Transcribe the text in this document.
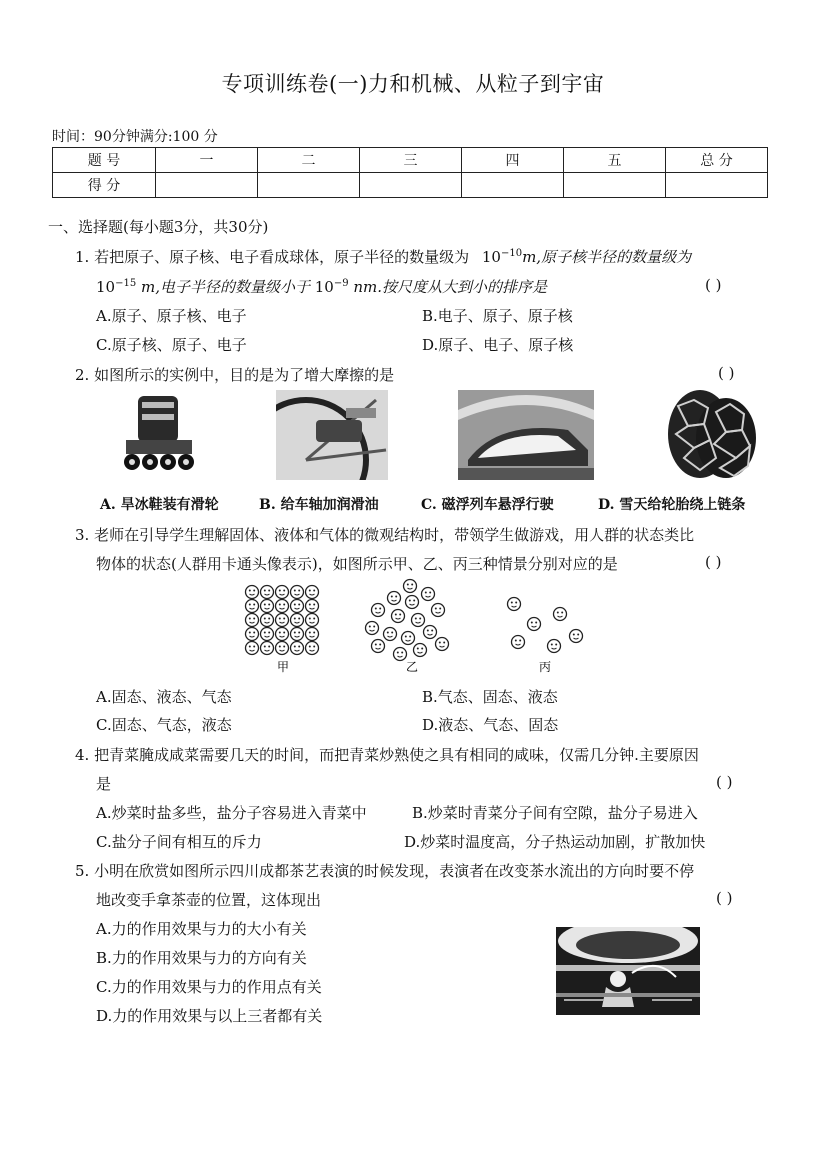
专项训练卷(一)力和机械、从粒子到宇宙
时间：90分钟满分:100 分
题 号	一	二	三	四	五	总 分
得 分						
一、选择题(每小题3分，共30分)
1. 若把原子、原子核、电子看成球体，原子半径的数量级为 $10^{-10}m$,原子核半径的数量级为
$10^{-15}$ m,电子半径的数量级小于 $10^{-9}$ nm.按尺度从大到小的排序是	( )
A.原子、原子核、电子	B.电子、原子、原子核
C.原子核、原子、电子	D.原子、电子、原子核
2. 如图所示的实例中，目的是为了增大摩擦的是	( )
A. 旱冰鞋装有滑轮	B. 给车轴加润滑油	C. 磁浮列车悬浮行驶	D. 雪天给轮胎绕上链条
3. 老师在引导学生理解固体、液体和气体的微观结构时，带领学生做游戏，用人群的状态类比
物体的状态(人群用卡通头像表示)，如图所示甲、乙、丙三种情景分别对应的是	( )
甲	乙	丙
A.固态、液态、气态	B.气态、固态、液态
C.固态、气态，液态	D.液态、气态、固态
4. 把青菜腌成咸菜需要几天的时间，而把青菜炒熟使之具有相同的咸味，仅需几分钟.主要原因
是	( )
A.炒菜时盐多些，盐分子容易进入青菜中	B.炒菜时青菜分子间有空隙，盐分子易进入
C.盐分子间有相互的斥力	D.炒菜时温度高，分子热运动加剧，扩散加快
5. 小明在欣赏如图所示四川成都茶艺表演的时候发现，表演者在改变茶水流出的方向时要不停
地改变手拿茶壶的位置，这体现出	( )
A.力的作用效果与力的大小有关
B.力的作用效果与力的方向有关
C.力的作用效果与力的作用点有关
D.力的作用效果与以上三者都有关
